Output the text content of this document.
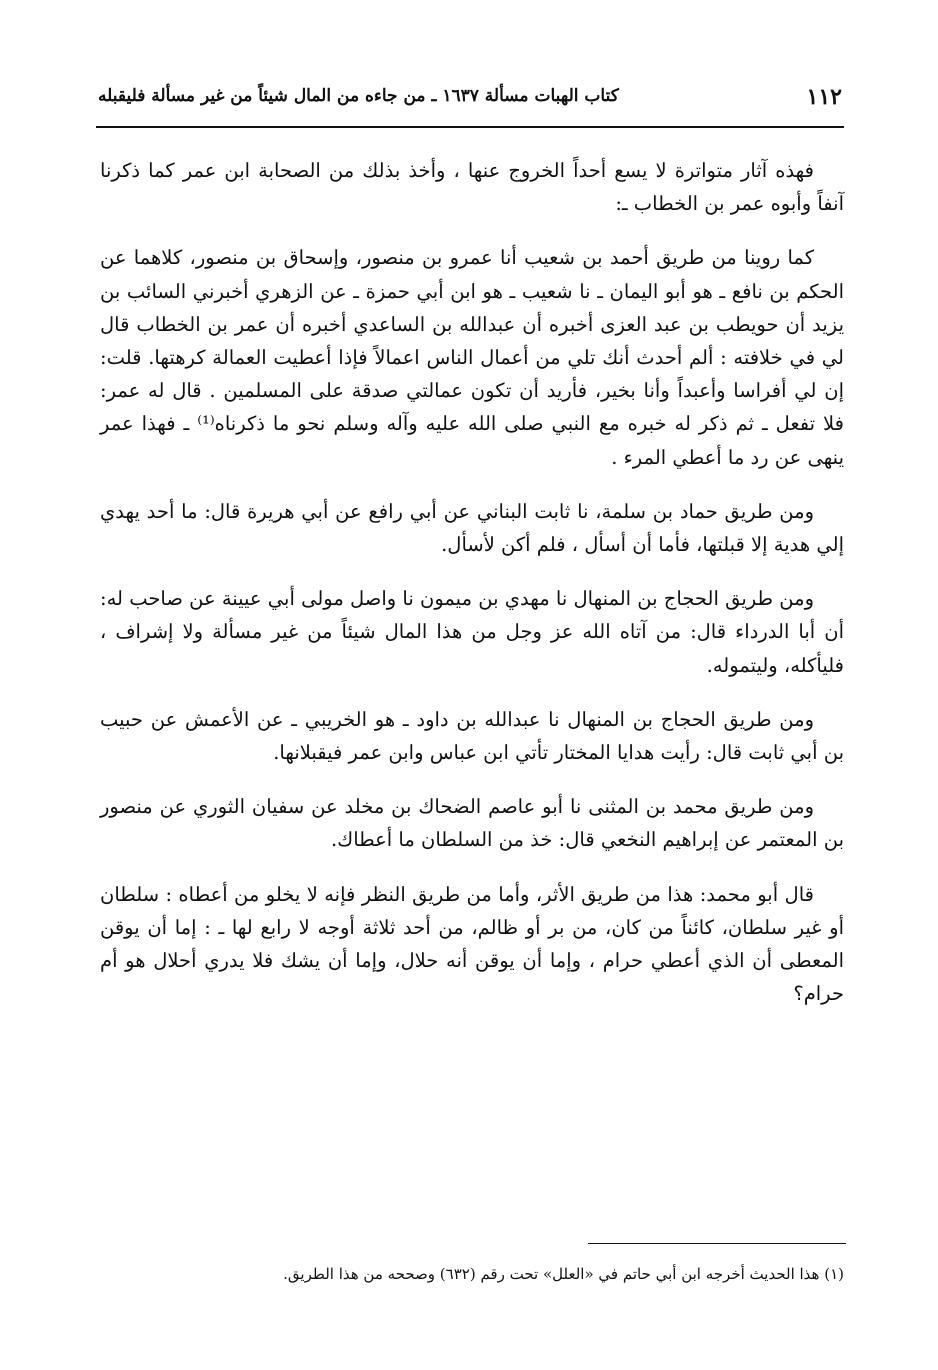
١١٢
كتاب الهبات مسألة ١٦٣٧ ـ من جاءه من المال شيئاً من غير مسألة فليقبله

فهذه آثار متواترة لا يسع أحداً الخروج عنها ، وأخذ بذلك من الصحابة ابن عمر كما ذكرنا آنفاً وأبوه عمر بن الخطاب ـ:

كما روينا من طريق أحمد بن شعيب أنا عمرو بن منصور، وإسحاق بن منصور، كلاهما عن الحكم بن نافع ـ هو أبو اليمان ـ نا شعيب ـ هو ابن أبي حمزة ـ عن الزهري أخبرني السائب بن يزيد أن حويطب بن عبد العزى أخبره أن عبدالله بن الساعدي أخبره أن عمر بن الخطاب قال لي في خلافته : ألم أحدث أنك تلي من أعمال الناس اعمالاً فإذا أعطيت العمالة كرهتها. قلت: إن لي أفراسا وأعبداً وأنا بخير، فأريد أن تكون عمالتي صدقة على المسلمين . قال له عمر: فلا تفعل ـ ثم ذكر له خبره مع النبي صلى الله عليه وآله وسلم نحو ما ذكرناه⁽¹⁾ ـ فهذا عمر ينهى عن رد ما أعطي المرء .

ومن طريق حماد بن سلمة، نا ثابت البناني عن أبي رافع عن أبي هريرة قال: ما أحد يهدي إلي هدية إلا قبلتها، فأما أن أسأل ، فلم أكن لأسأل.

ومن طريق الحجاج بن المنهال نا مهدي بن ميمون نا واصل مولى أبي عيينة عن صاحب له: أن أبا الدرداء قال: من آتاه الله عز وجل من هذا المال شيئاً من غير مسألة ولا إشراف ، فليأكله، وليتموله.

ومن طريق الحجاج بن المنهال نا عبدالله بن داود ـ هو الخريبي ـ عن الأعمش عن حبيب بن أبي ثابت قال: رأيت هدايا المختار تأتي ابن عباس وابن عمر فيقبلانها.

ومن طريق محمد بن المثنى نا أبو عاصم الضحاك بن مخلد عن سفيان الثوري عن منصور بن المعتمر عن إبراهيم النخعي قال: خذ من السلطان ما أعطاك.

قال أبو محمد: هذا من طريق الأثر، وأما من طريق النظر فإنه لا يخلو من أعطاه : سلطان أو غير سلطان، كائناً من كان، من بر أو ظالم، من أحد ثلاثة أوجه لا رابع لها ـ : إما أن يوقن المعطى أن الذي أعطي حرام ، وإما أن يوقن أنه حلال، وإما أن يشك فلا يدري أحلال هو أم حرام؟

(١) هذا الحديث أخرجه ابن أبي حاتم في «العلل» تحت رقم (٦٣٢) وصححه من هذا الطريق.
